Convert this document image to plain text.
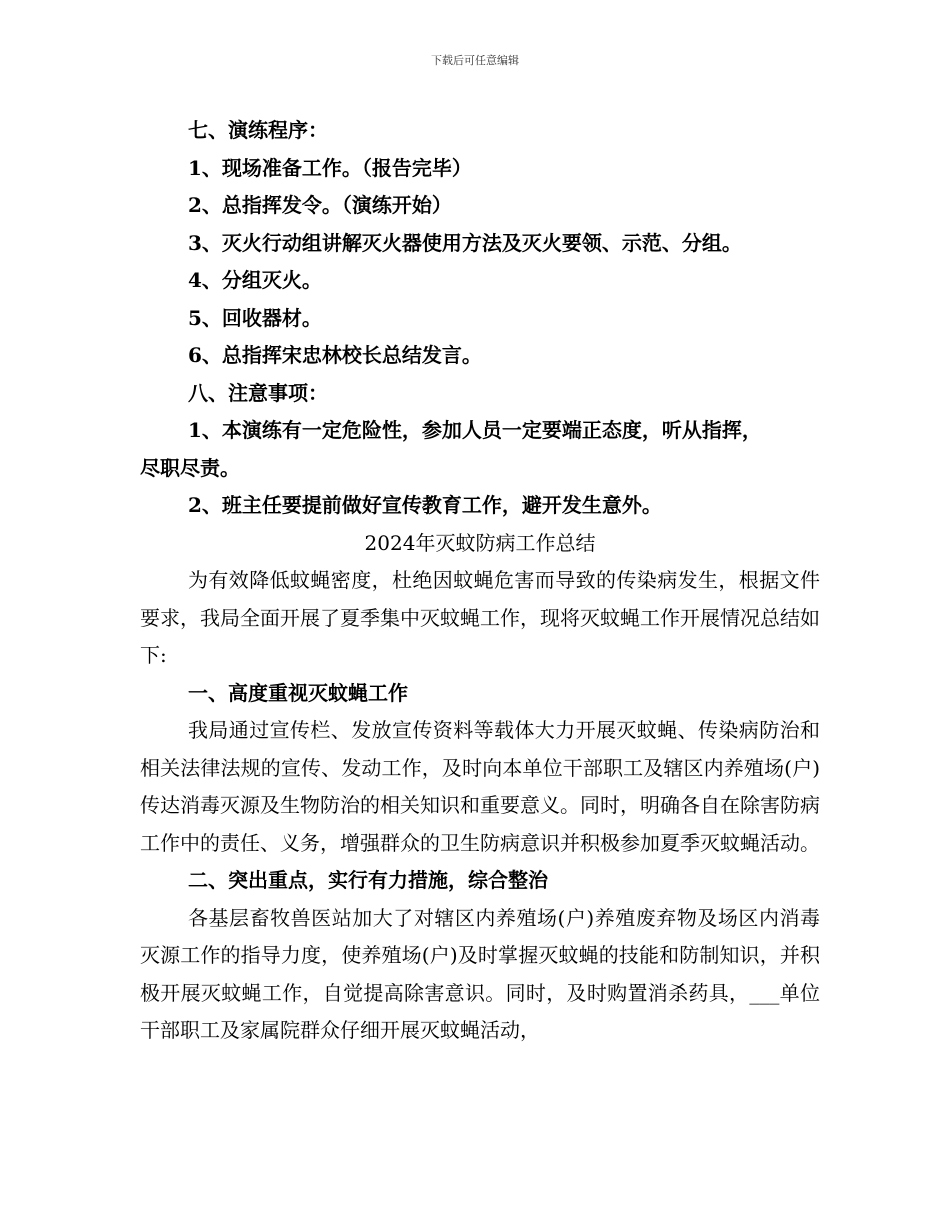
下载后可任意编辑
七、演练程序：
1、现场准备工作。（报告完毕）
2、总指挥发令。（演练开始）
3、灭火行动组讲解灭火器使用方法及灭火要领、示范、分组。
4、分组灭火。
5、回收器材。
6、总指挥宋忠林校长总结发言。
八、注意事项：
1、本演练有一定危险性，参加人员一定要端正态度，听从指挥，
尽职尽责。
2、班主任要提前做好宣传教育工作，避开发生意外。
2024年灭蚊防病工作总结
为有效降低蚊蝇密度，杜绝因蚊蝇危害而导致的传染病发生，根据文件要求，我局全面开展了夏季集中灭蚊蝇工作，现将灭蚊蝇工作开展情况总结如下:
一、高度重视灭蚊蝇工作
我局通过宣传栏、发放宣传资料等载体大力开展灭蚊蝇、传染病防治和相关法律法规的宣传、发动工作，及时向本单位干部职工及辖区内养殖场(户)传达消毒灭源及生物防治的相关知识和重要意义。同时，明确各自在除害防病工作中的责任、义务，增强群众的卫生防病意识并积极参加夏季灭蚊蝇活动。
二、突出重点，实行有力措施，综合整治
各基层畜牧兽医站加大了对辖区内养殖场(户)养殖废弃物及场区内消毒灭源工作的指导力度，使养殖场(户)及时掌握灭蚊蝇的技能和防制知识，并积极开展灭蚊蝇工作，自觉提高除害意识。同时，及时购置消杀药具，___单位干部职工及家属院群众仔细开展灭蚊蝇活动，
